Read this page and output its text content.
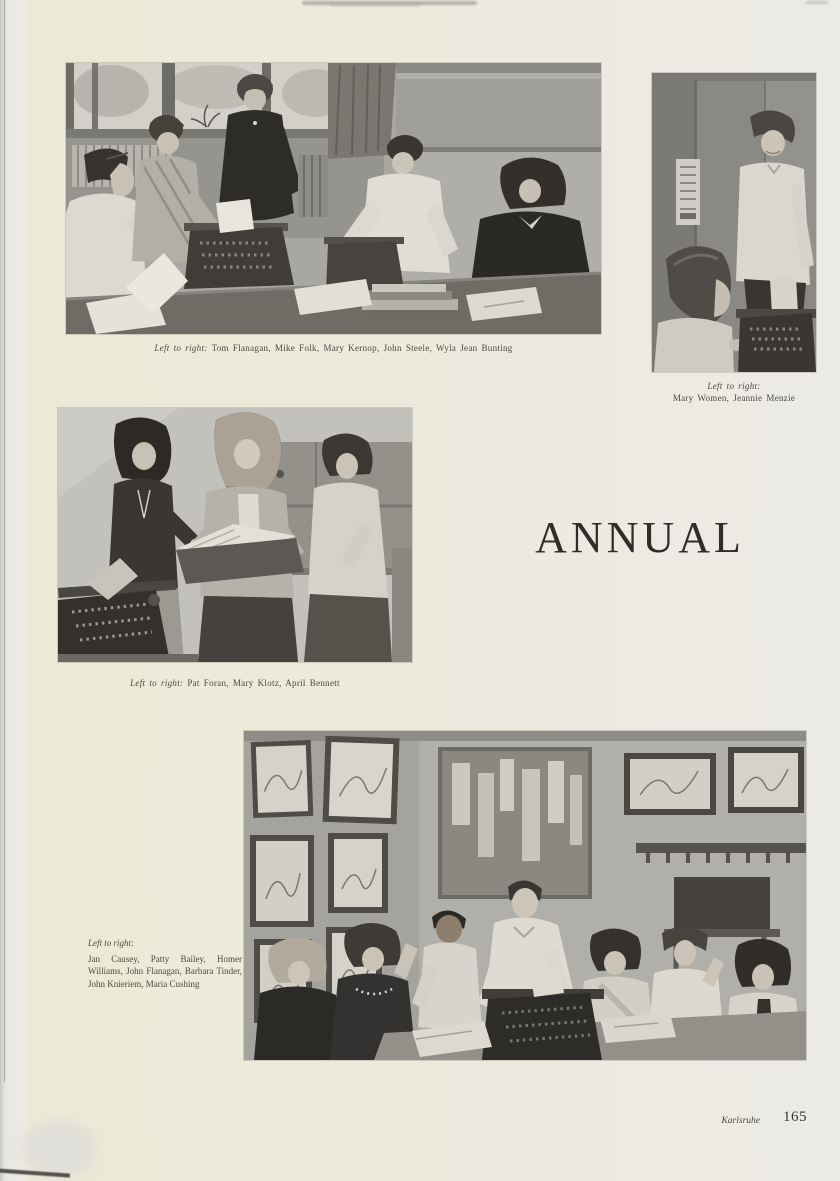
Left to right: Tom Flanagan, Mike Folk, Mary Kernop, John Steele, Wyla Jean Bunting
Left to right:
Mary Women, Jeannie Menzie
Left to right: Pat Foran, Mary Klotz, April Bennett
ANNUAL
Left to right:
Jan Causey, Patty Bailey, Homer Williams, John Flanagan, Barbara Tinder, John Knieriem, Maria Cushing
Karlsruhe 165
